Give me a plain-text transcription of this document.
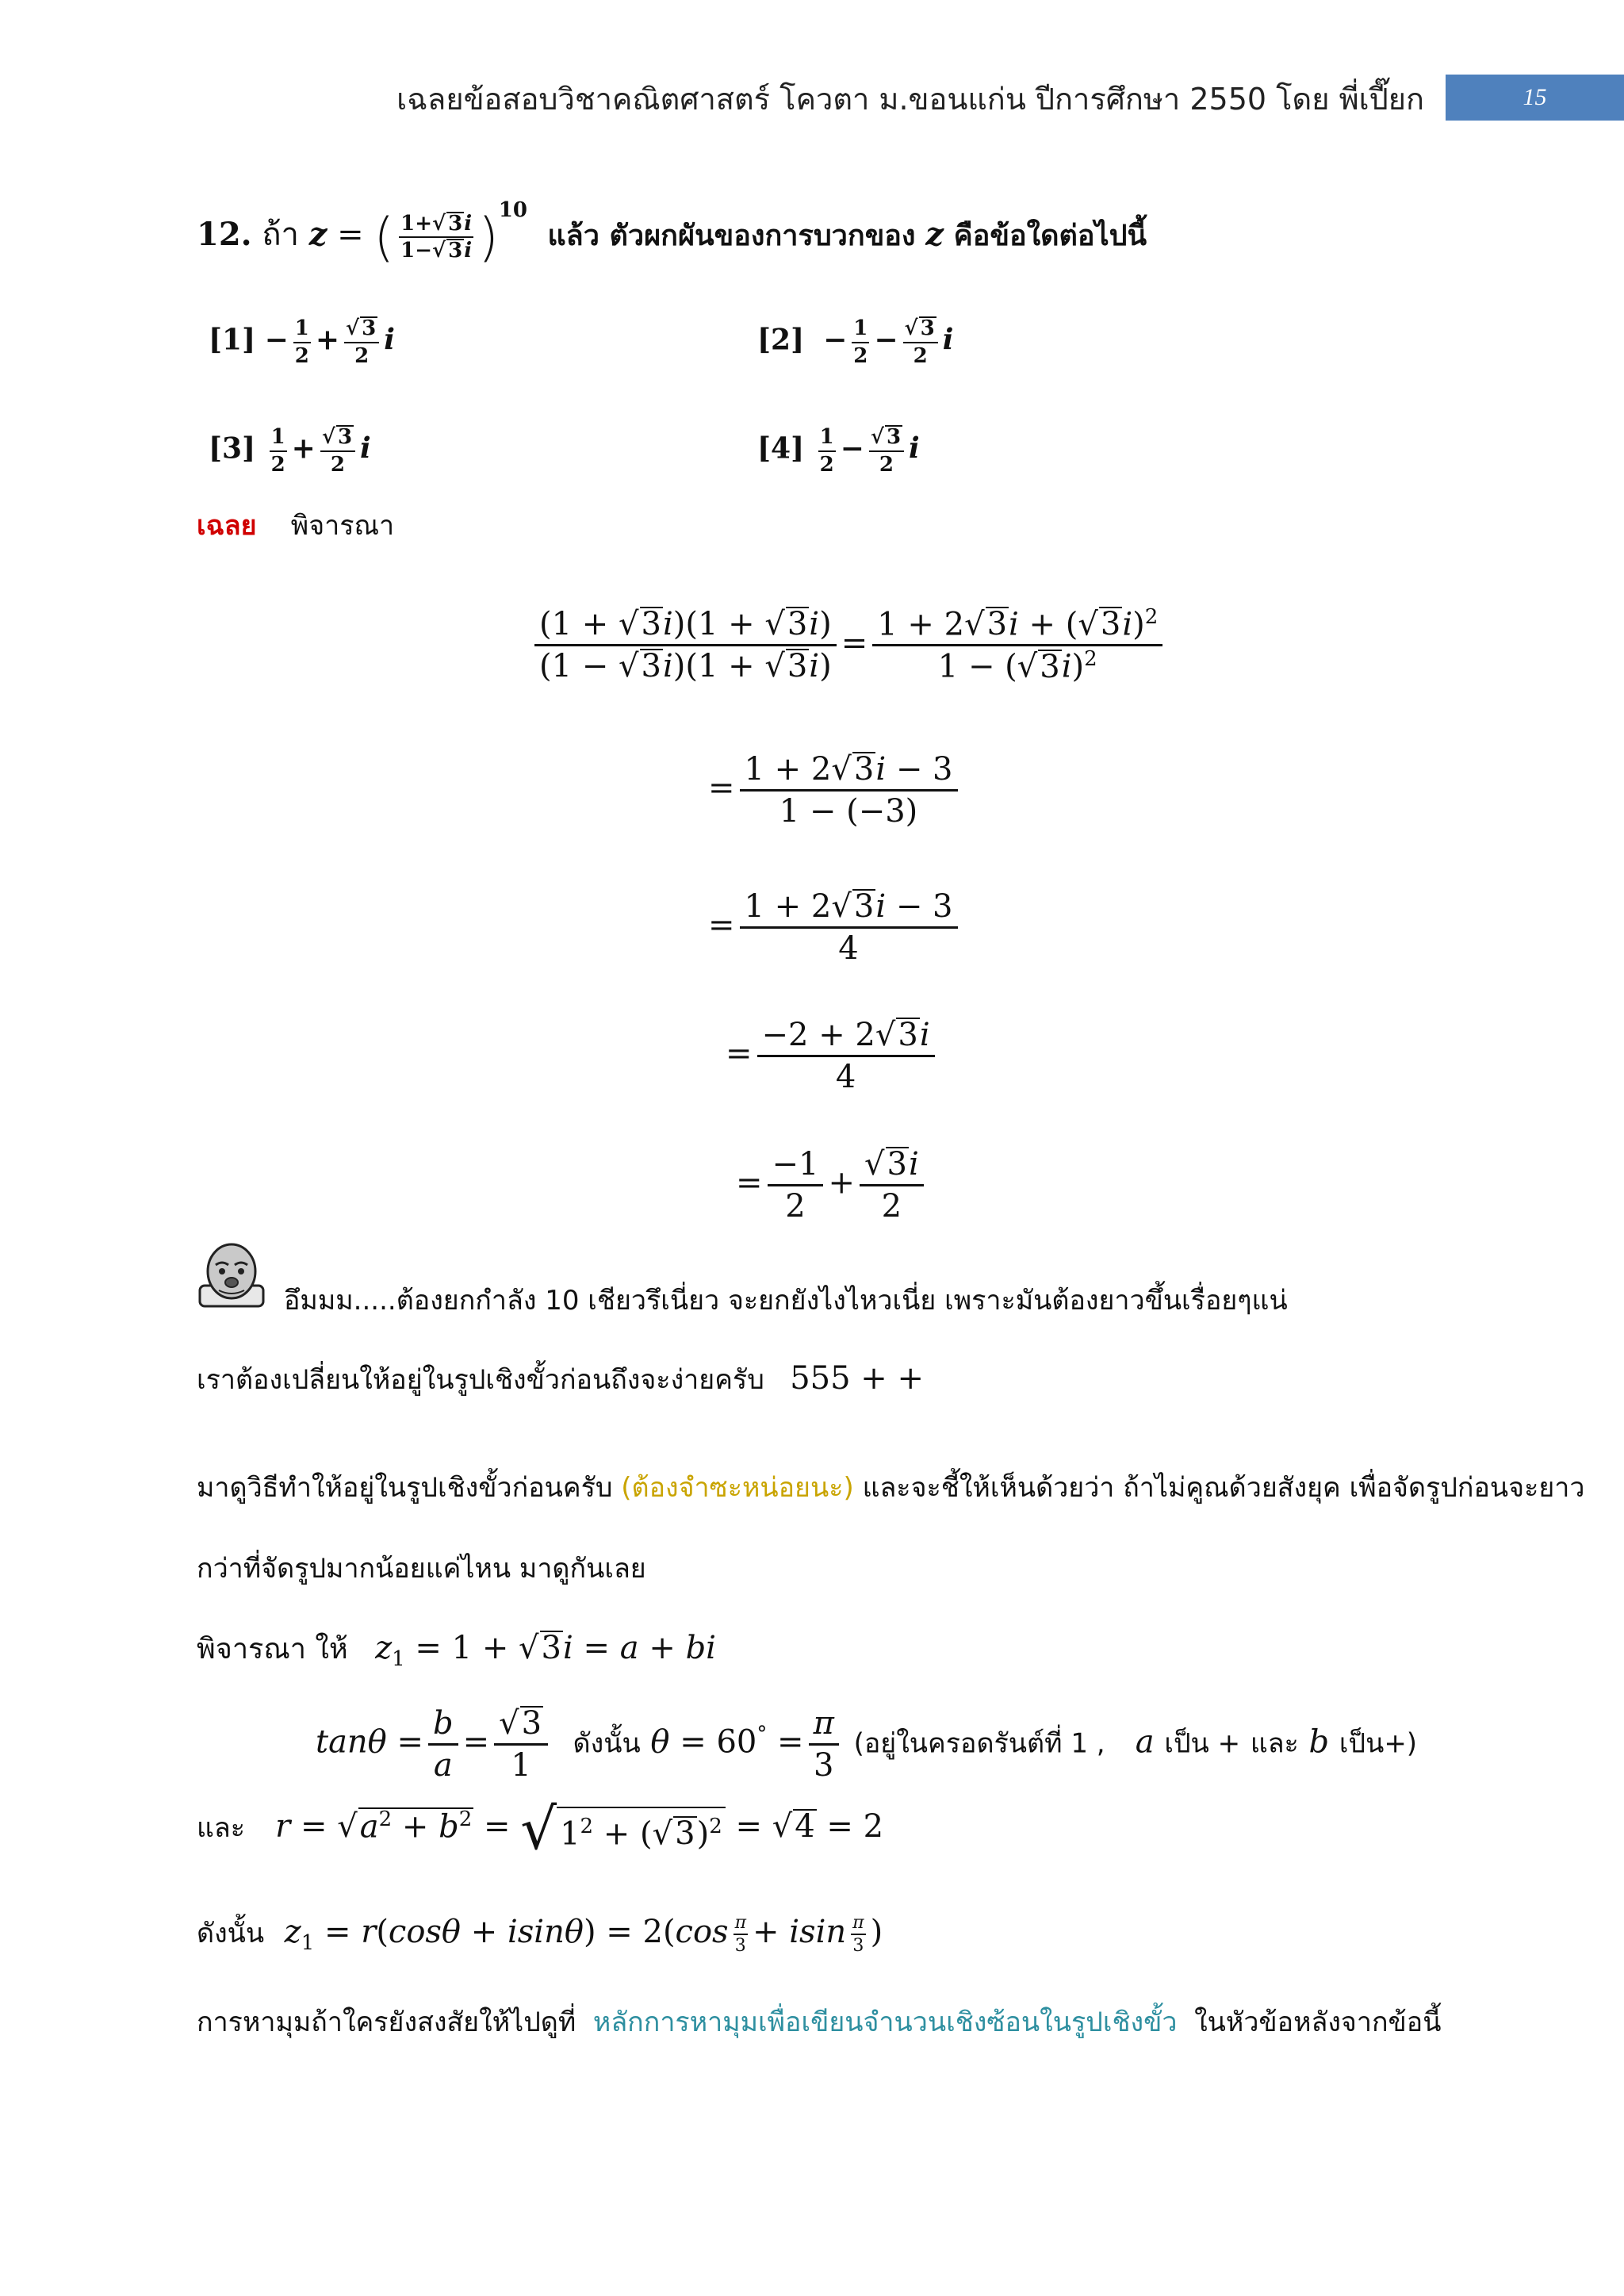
เฉลยข้อสอบวิชาคณิตศาสตร์ โควตา ม.ขอนแก่น ปีการศึกษา 2550 โดย พี่เปี๊ยก	15
12. ถ้า z = ( $\frac{1+√ 3i}{1-√ 3i} )^{10}$  แล้ว ตัวผกผันของการบวกของ z คือข้อใดต่อไปนี้
$[1] - \frac{1}{2} + \frac{√ 3}{2}$ i	$[2] - \frac{1}{2} - \frac{√ 3}{2}$ i
$[3] \frac{1}{2} + \frac{√ 3}{2}$ i	$[4] \frac{1}{2} - \frac{√ 3}{2}$ i
เฉลย พิจารณา
$\frac{(1 + √3i)(1 + √3i)}{(1 - √3i)(1 + √3i)} = \frac{1 + 2√3i + (√3i)^2}{1 - (√3i)^2}$
= $\frac{1 + 2√3i - 3}{1 - (-3)}$
= $\frac{1 + 2√3i - 3}{4}$
= $\frac{-2 + 2√3i}{4}$
= $\frac{-1}{2} + \frac{√3i}{2}$
อึมมม.....ต้องยกกำลัง 10 เชียวรึเนี่ยว จะยกยังไงไหวเนี่ย เพราะมันต้องยาวขึ้นเรื่อยๆแน่
เราต้องเปลี่ยนให้อยู่ในรูปเชิงขั้วก่อนถึงจะง่ายครับ 555 + +
มาดูวิธีทำให้อยู่ในรูปเชิงขั้วก่อนครับ (ต้องจำซะหน่อยนะ) และจะชี้ให้เห็นด้วยว่า ถ้าไม่คูณด้วยสังยุค เพื่อจัดรูปก่อนจะยาว
กว่าที่จัดรูปมากน้อยแค่ไหน มาดูกันเลย
พิจารณา ให้ $z_1 = 1 + √3i = a$ + bi
$\tan\theta = \frac{b}{a} = \frac{√3}{1}$ ดังนั้น $\theta = 60^\circ = \frac{\pi}{3}$ (อยู่ในครอดรันต์ที่ 1 , a เป็น + และ b เป็น+)
และ $r = √a^2 + b^2$ = √ $1^2 + (√3)^2 = √4 = 2$
ดังนั้น $z_1 = r(\cos\theta + isin\theta) = 2(\cos \frac{\pi}{3} + isin \frac{\pi}{3}$ )
การหามุมถ้าใครยังสงสัยให้ไปดูที่ หลักการหามุมเพื่อเขียนจำนวนเชิงซ้อนในรูปเชิงขั้ว ในหัวข้อหลังจากข้อนี้
